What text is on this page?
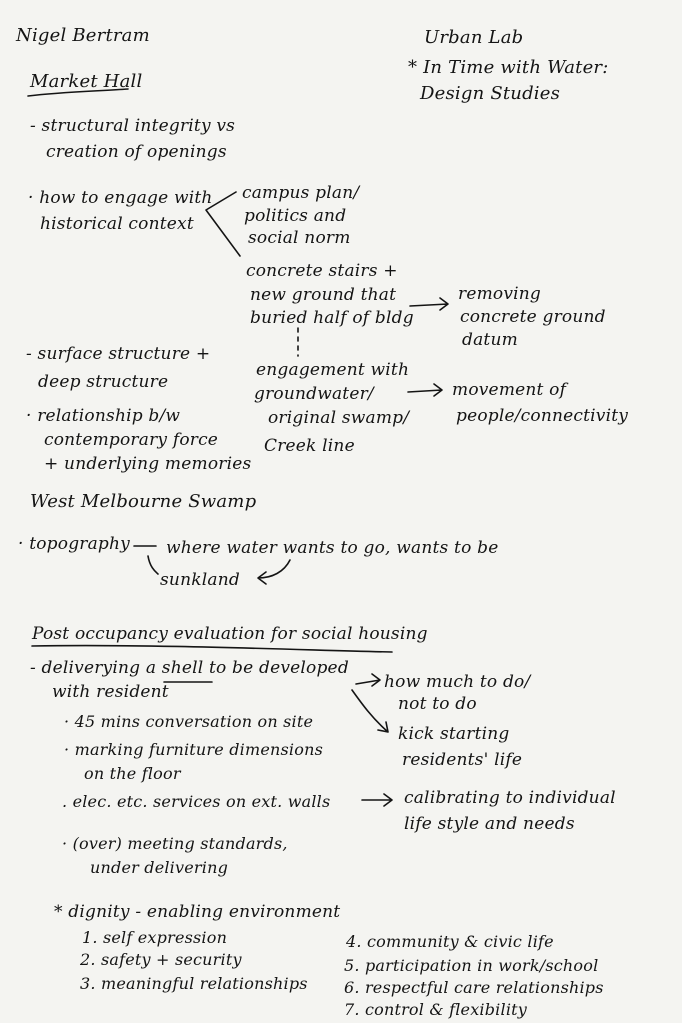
Nigel Bertram	Urban Lab
* In Time with Water:
Design Studies
Market Hall
- structural integrity vs
creation of openings
· how to engage with
historical context
campus plan/
politics and
social norm
concrete stairs +
new ground that
buried half of bldg
removing
concrete ground
datum
engagement with
groundwater/
original swamp/
Creek line
movement of
people/connectivity
- surface structure +
deep structure
· relationship b/w
contemporary force
+ underlying memories
West Melbourne Swamp
· topography where water wants to go, wants to be
sunkland
Post occupancy evaluation for social housing
- deliverying a shell to be developed
with resident	how much to do/
not to do
kick starting
residents' life
· 45 mins conversation on site
· marking furniture dimensions
on the floor
. elec. etc. services on ext. walls	calibrating to individual
life style and needs
· (over) meeting standards,
under delivering
* dignity - enabling environment
1. self expression
2. safety + security
3. meaningful relationships
4. community & civic life
5. participation in work/school
6. respectful care relationships
7. control & flexibility
